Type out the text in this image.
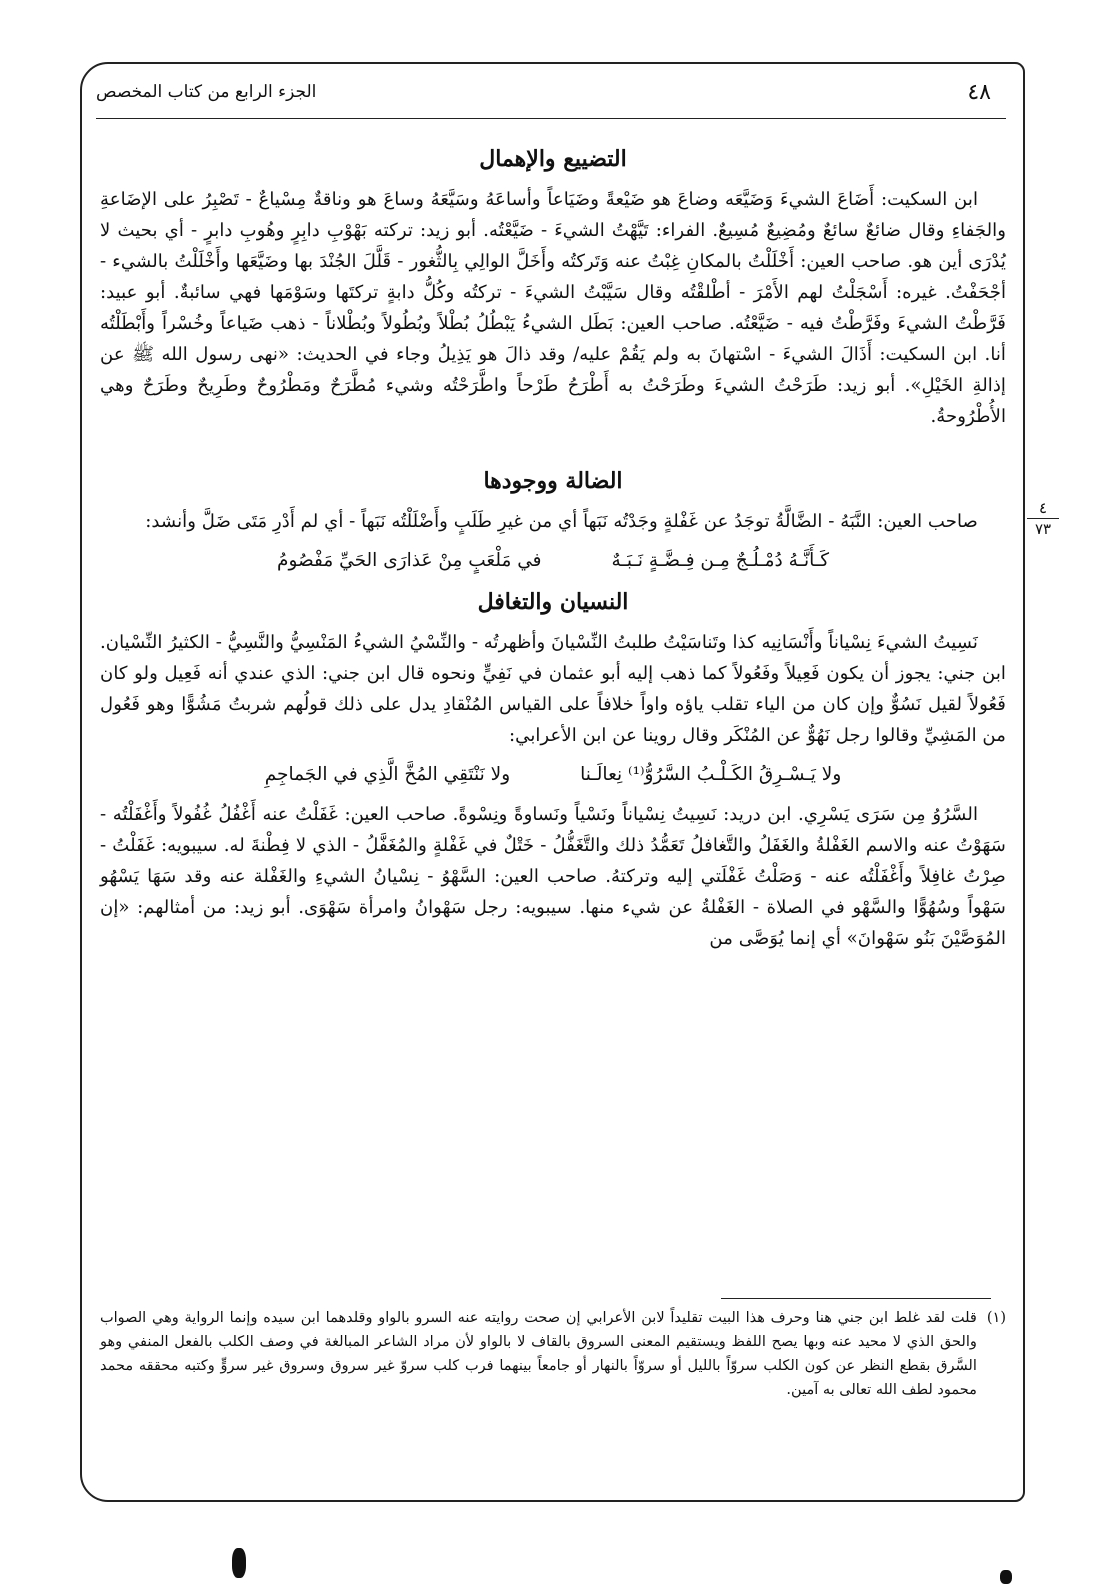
٤٨
الجزء الرابع من كتاب المخصص
٤
٧٣
التضييع والإهمال

ابن السكيت: أَضَاعَ الشيءَ وَضَيَّعَه وضاعَ هو ضَيْعةً وضَيَاعاً وأساعَهُ وسَيَّعَهُ وساعَ هو وناقةٌ مِسْياعٌ - تَصْبِرُ على الإضَاعةِ والجَفاءِ وقال ضائعٌ سائعٌ ومُضِيعٌ مُسِيعٌ. الفراء: تَيَّهْتُ الشيءَ - ضَيَّعْتُه. أبو زيد: تركته بَهْوْبِ دابِرٍ وهُوبِ دابرٍ - أي بحيث لا يُدْرَى أين هو. صاحب العين: أَخْلَلْتُ بالمكانِ غِبْتُ عنه وَتَركتُه وأَخَلَّ الوالِي بِالثُّغور - قَلَّلَ الجُنْدَ بها وضَيَّعَها وأَخْلَلْتُ بالشيء - أجْحَفْتُ. غيره: أَسْجَلْتُ لهم الأَمْرَ - أطْلقْتُه وقال سَيَّبْتُ الشيءَ - تركتُه وكُلُّ دابةٍ تركتَها وسَوْمَها فهي سائبةٌ. أبو عبيد: فَرَّطْتُ الشيءَ وفَرَّطْتُ فيه - ضَيَّعْتُه. صاحب العين: بَطَل الشيءُ يَبْطُلُ بُطْلاً وبُطُولاً وبُطْلاناً - ذهب ضَياعاً وخُسْراً وأَبْطَلْتُه أنا. ابن السكيت: أَذَالَ الشيءَ - اسْتهانَ به ولم يَقُمْ عليه/ وقد ذالَ هو يَذِيلُ وجاء في الحديث: «نهى رسول الله ﷺ عن إذالةِ الخَيْلِ». أبو زيد: طَرَحْتُ الشيءَ وطَرَحْتُ به أَطْرَحُ طَرْحاً واطَّرَحْتُه وشيء مُطَّرَحٌ ومَطْرُوحٌ وطَرِيحٌ وطَرَحٌ وهي الأُطْرُوحةُ.

الضالة ووجودها

صاحب العين: النَّبَهُ - الضَّالَّةُ توجَدُ عن غَفْلةٍ وجَدْتُه نَبَهاً أي من غيرِ طَلَبٍ وأَضْلَلْتُه نَبَهاً - أي لم أَدْرِ مَتَى ضَلَّ وأنشد:

كَـأَنَّـهُ دُمْـلُـجٌ مِـن فِـضَّـةٍ نَـبَـهٌ
في مَلْعَبٍ مِنْ عَذارَى الحَيِّ مَفْصُومُ
النسيان والتغافل

نَسِيتُ الشيءَ نِسْياناً وأَنْسَانِيه كذا وتَناسَيْتُ طلبتُ النِّسْيانَ وأظهرتُه - والنِّسْيُ الشيءُ المَنْسِيُّ والنَّسِيُّ - الكثيرُ النِّسْيان. ابن جني: يجوز أن يكون فَعِيلاً وفَعُولاً كما ذهب إليه أبو عثمان في نَفِيٍّ ونحوه قال ابن جني: الذي عندي أنه فَعِيل ولو كان فَعُولاً لقيل نَسُوٌّ وإن كان من الياء تقلب ياؤه واواً خلافاً على القياس المُنْقادِ يدل على ذلك قولُهم شربتُ مَشُوًّا وهو فَعُول من المَشِيِّ وقالوا رجل نَهُوٌّ عن المُنْكَر وقال روينا عن ابن الأعرابي:

ولا يَـسْـرِقُ الكَـلْـبُ السَّرُوُّ⁽¹⁾ نِعالَـنا
ولا نَنْتَقِي المُخَّ الَّذِي في الجَماجِمِ

السَّرُوُ مِن سَرَى يَسْرِي. ابن دريد: نَسِيتُ نِسْياناً ونَسْياً ونَساوةً ونِسْوةً. صاحب العين: غَفَلْتُ عنه أَغْفُلُ غُفُولاً وأَغْفَلْتُه - سَهَوْتُ عنه والاسم الغَفْلةُ والغَفَلُ والتَّغافلُ تَعَمُّدُ ذلك والتَّغَفُّلُ - خَتْلٌ في غَفْلةٍ والمُغَفَّلُ - الذي لا فِطْنةَ له. سيبويه: غَفَلْتُ - صِرْتُ غافِلاً وأَغْفَلْتُه عنه - وَصَلْتُ غَفْلَتي إليه وتركتهُ. صاحب العين: السَّهْوُ - نِسْيانُ الشيءِ والغَفْلة عنه وقد سَهَا يَسْهُو سَهْواً وسُهُوًّا والسَّهْو في الصلاة - الغَفْلةُ عن شيء منها. سيبويه: رجل سَهْوانُ وامرأة سَهْوَى. أبو زيد: من أمثالهم: «إن المُوَصَّيْنَ بَنُو سَهْوانَ» أي إنما يُوَصَّى من

(١)
قلت لقد غلط ابن جني هنا وحرف هذا البيت تقليداً لابن الأعرابي إن صحت روايته عنه السرو بالواو وقلدهما ابن سيده وإنما الرواية وهي الصواب والحق الذي لا محيد عنه وبها يصح اللفظ ويستقيم المعنى السروق بالقاف لا بالواو لأن مراد الشاعر المبالغة في وصف الكلب بالفعل المنفي وهو السَّرق بقطع النظر عن كون الكلب سروّاً بالليل أو سروّاً بالنهار أو جامعاً بينهما فرب كلب سروّ غير سروق وسروق غير سروٍّ وكتبه محققه محمد محمود لطف الله تعالى به آمين.
